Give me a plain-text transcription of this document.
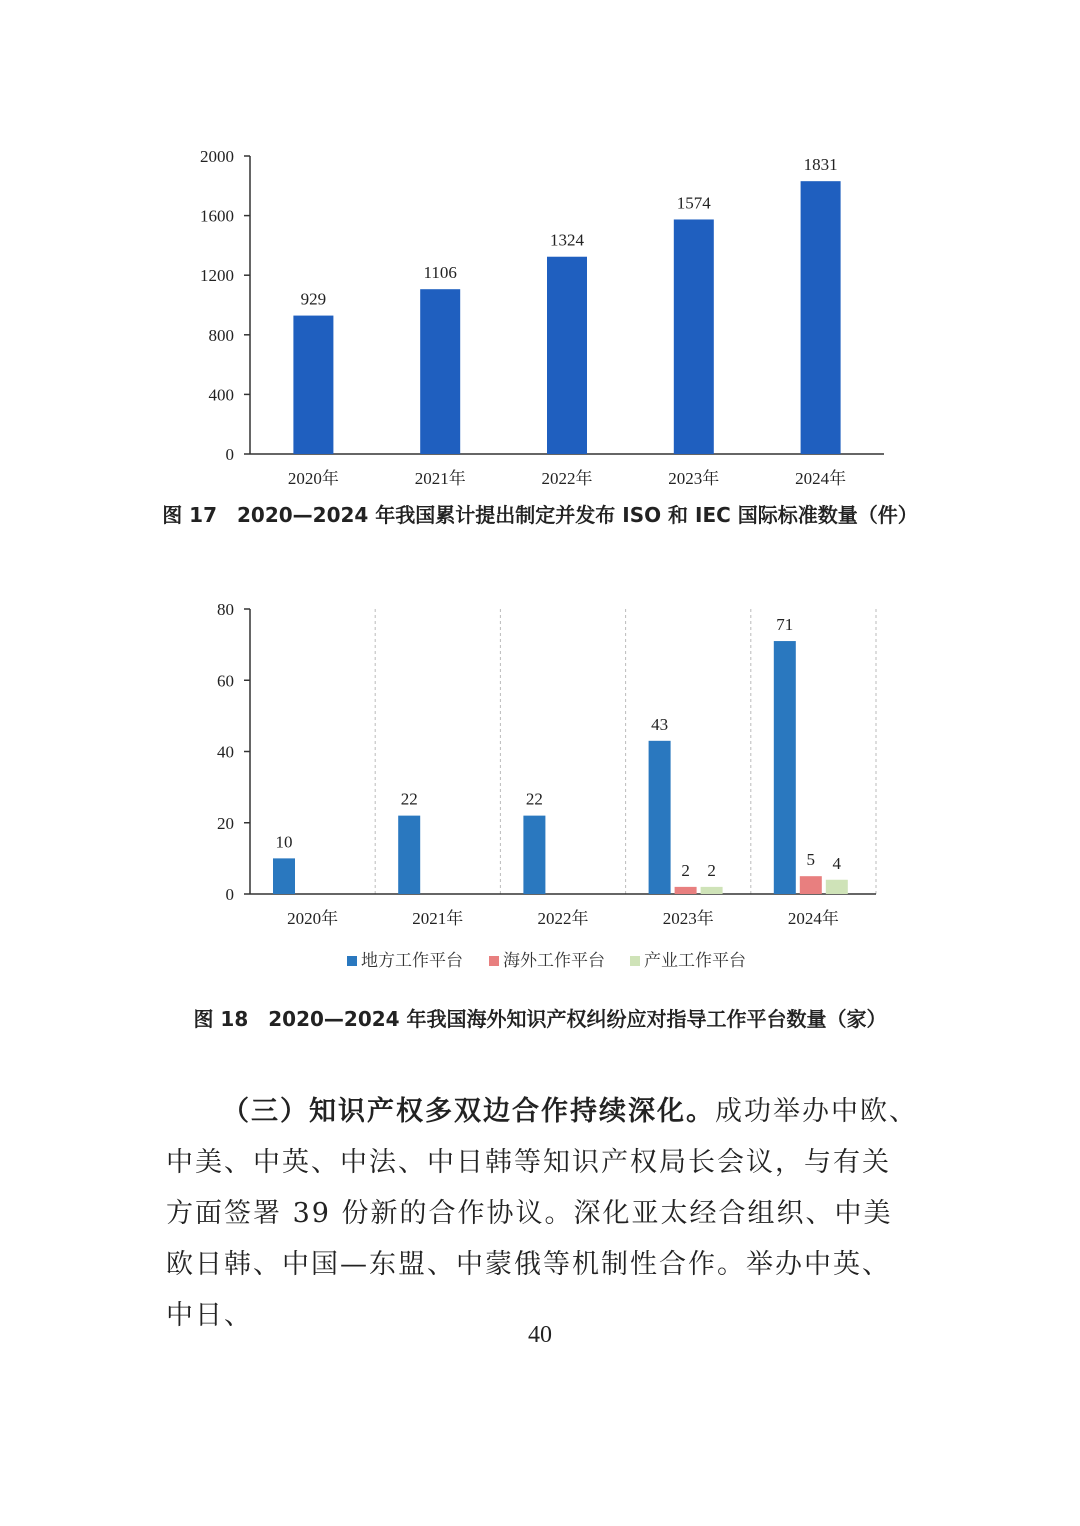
0
400
800
1200
1600
2000
929
2020年
1106
2021年
1324
2022年
1574
2023年
1831
2024年
图 17　2020—2024 年我国累计提出制定并发布 ISO 和 IEC 国际标准数量（件）
0
20
40
60
80
10
2020年
22
2021年
22
2022年
43
2 2
2023年
71
5 4
2024年
地方工作平台 海外工作平台 产业工作平台
图 18　2020—2024 年我国海外知识产权纠纷应对指导工作平台数量（家）

（三）知识产权多双边合作持续深化。成功举办中欧、中美、中英、中法、中日韩等知识产权局长会议，与有关方面签署 39 份新的合作协议。深化亚太经合组织、中美欧日韩、中国—东盟、中蒙俄等机制性合作。举办中英、中日、

40
